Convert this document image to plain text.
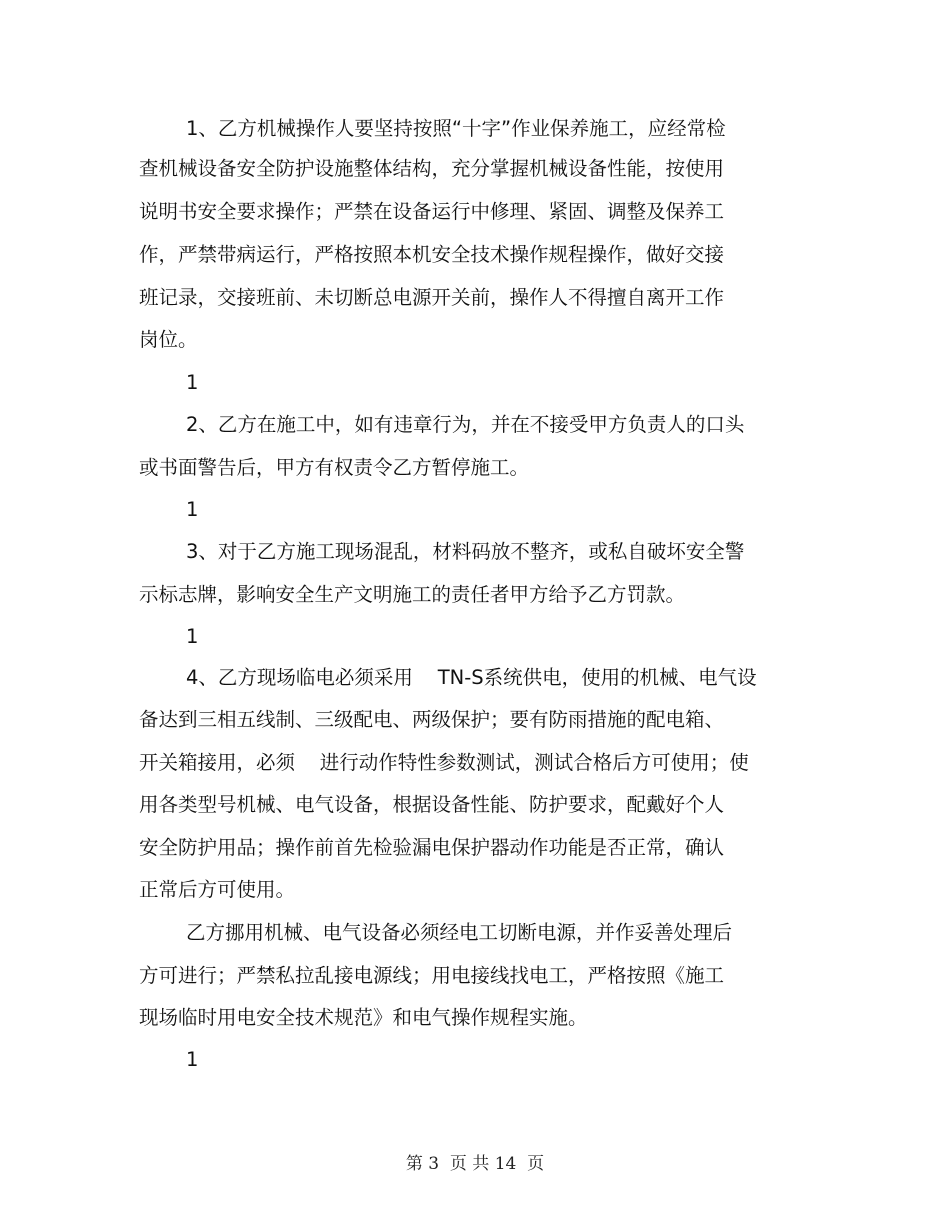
1、乙方机械操作人要坚持按照“十字”作业保养施工，应经常检
查机械设备安全防护设施整体结构，充分掌握机械设备性能，按使用
说明书安全要求操作；严禁在设备运行中修理、紧固、调整及保养工
作，严禁带病运行，严格按照本机安全技术操作规程操作，做好交接
班记录，交接班前、未切断总电源开关前，操作人不得擅自离开工作
岗位。
1
2、乙方在施工中，如有违章行为，并在不接受甲方负责人的口头
或书面警告后，甲方有权责令乙方暂停施工。
1
3、对于乙方施工现场混乱，材料码放不整齐，或私自破坏安全警
示标志牌，影响安全生产文明施工的责任者甲方给予乙方罚款。
1
4、乙方现场临电必须采用    TN-S系统供电，使用的机械、电气设
备达到三相五线制、三级配电、两级保护；要有防雨措施的配电箱、
开关箱接用，必须    进行动作特性参数测试，测试合格后方可使用；使
用各类型号机械、电气设备，根据设备性能、防护要求，配戴好个人
安全防护用品；操作前首先检验漏电保护器动作功能是否正常，确认
正常后方可使用。
乙方挪用机械、电气设备必须经电工切断电源，并作妥善处理后
方可进行；严禁私拉乱接电源线；用电接线找电工，严格按照《施工
现场临时用电安全技术规范》和电气操作规程实施。
1
第 3  页 共 14  页
